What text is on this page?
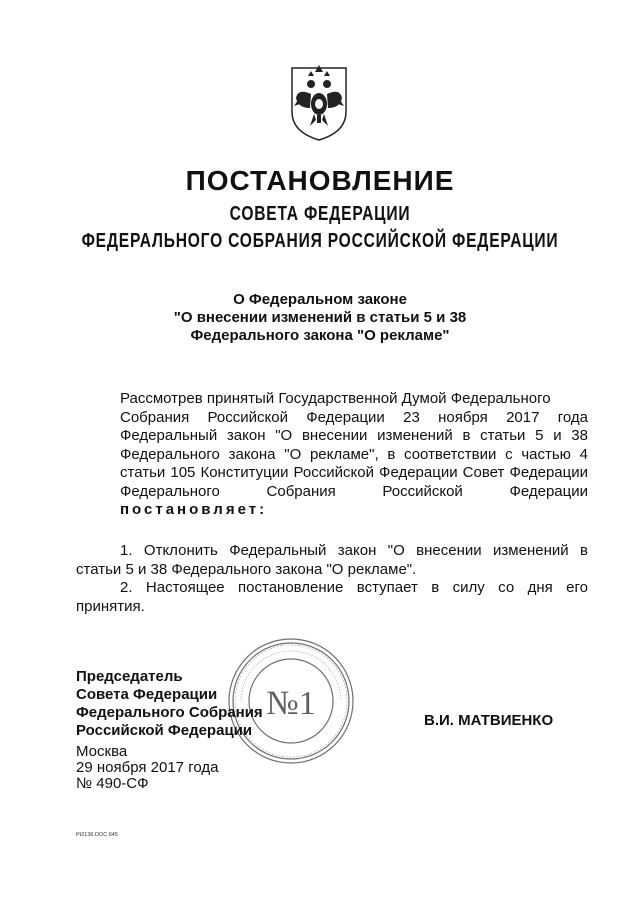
ПОСТАНОВЛЕНИЕ
СОВЕТА ФЕДЕРАЦИИ
ФЕДЕРАЛЬНОГО СОБРАНИЯ РОССИЙСКОЙ ФЕДЕРАЦИИ
О Федеральном законе
"О внесении изменений в статьи 5 и 38
Федерального закона "О рекламе"
Рассмотрев принятый Государственной Думой Федерального
Собрания Российской Федерации 23 ноября 2017 года
Федеральный закон "О внесении изменений в статьи 5 и 38
Федерального закона "О рекламе", в соответствии с частью 4
статьи 105 Конституции Российской Федерации Совет Федерации
Федерального Собрания Российской Федерации
постановляет:
1. Отклонить Федеральный закон "О внесении изменений в
статьи 5 и 38 Федерального закона "О рекламе".
2. Настоящее постановление вступает в силу со дня его
принятия.
№1
Председатель
Совета Федерации
Федерального Собрания
Российской Федерации
В.И. МАТВИЕНКО
Москва
29 ноября 2017 года
№ 490-СФ
Pt2136.DOC 645
